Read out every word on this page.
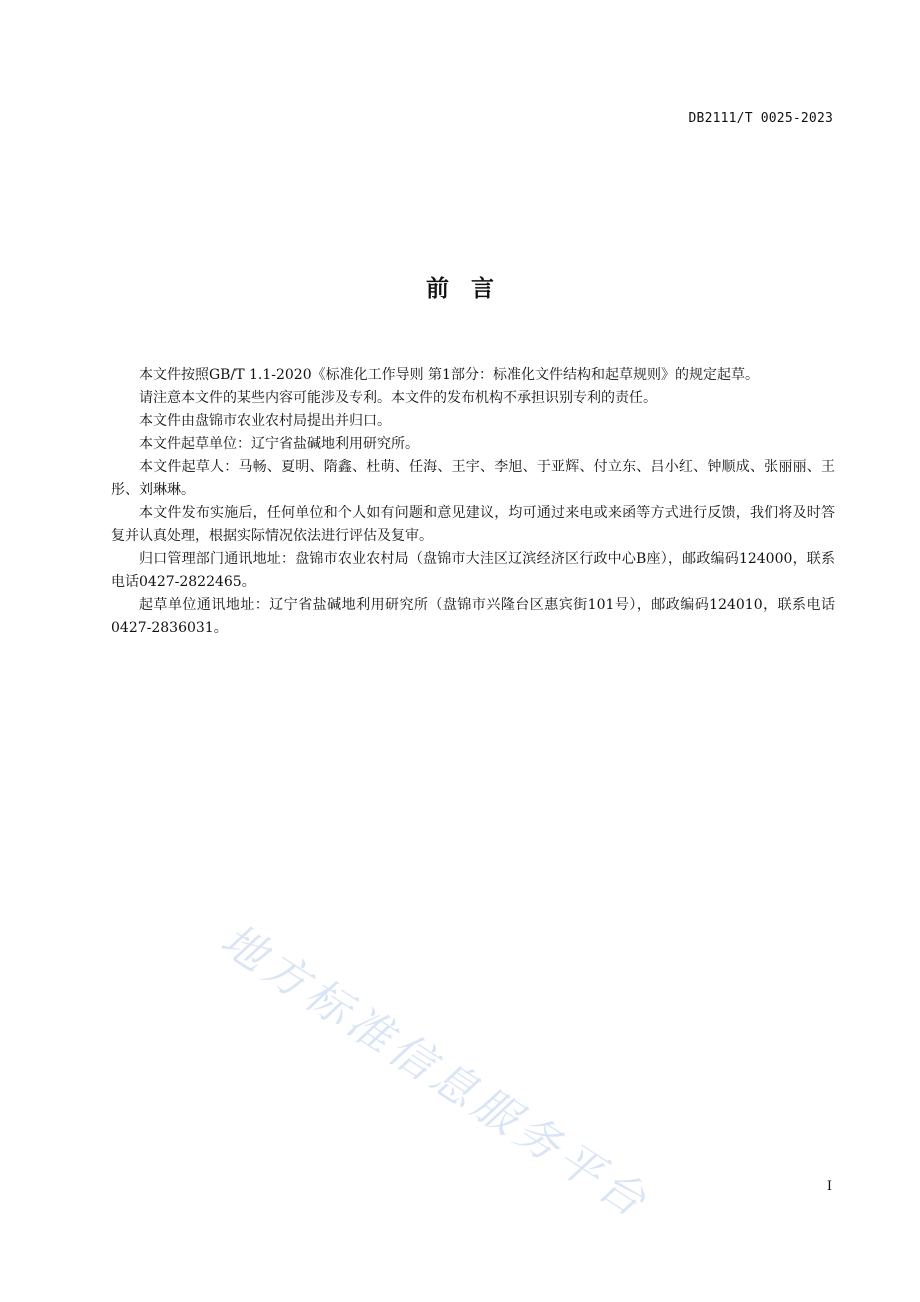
DB2111/T 0025-2023
前言

本文件按照GB/T 1.1-2020《标准化工作导则 第1部分：标准化文件结构和起草规则》的规定起草。

请注意本文件的某些内容可能涉及专利。本文件的发布机构不承担识别专利的责任。

本文件由盘锦市农业农村局提出并归口。

本文件起草单位：辽宁省盐碱地利用研究所。

本文件起草人：马畅、夏明、隋鑫、杜萌、任海、王宇、李旭、于亚辉、付立东、吕小红、钟顺成、张丽丽、王彤、刘琳琳。

本文件发布实施后，任何单位和个人如有问题和意见建议，均可通过来电或来函等方式进行反馈，我们将及时答复并认真处理，根据实际情况依法进行评估及复审。

归口管理部门通讯地址：盘锦市农业农村局（盘锦市大洼区辽滨经济区行政中心B座），邮政编码124000，联系电话0427-2822465。

起草单位通讯地址：辽宁省盐碱地利用研究所（盘锦市兴隆台区惠宾街101号），邮政编码124010，联系电话0427-2836031。

地方标准信息服务平台	I
